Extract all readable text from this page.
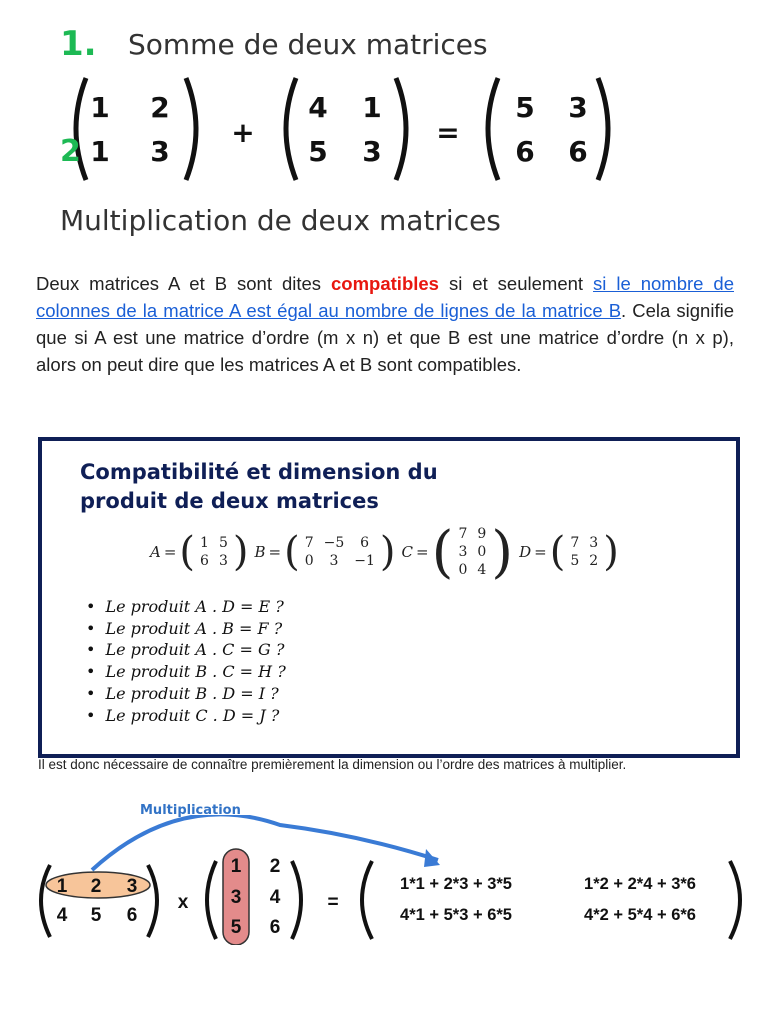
1. Somme de deux matrices
1 2
1 3
+
4 1
5 3
=
5 3
6 6
2
Multiplication de deux matrices
Deux matrices A et B sont dites compatibles si et seulement si le nombre de colonnes de la matrice A est égal au nombre de lignes de la matrice B. Cela signifie que si A est une matrice d’ordre (m x n) et que B est une matrice d’ordre (n x p), alors on peut dire que les matrices A et B sont compatibles.
Compatibilité et dimension du
produit de deux matrices
A = ( 1	5
6	3 ) B = ( 7	−5	6
0	3	−1 ) C = ( 7	9
3	0
0	4 ) D = ( 7	3
5	2 )
• Le produit A . D = E ?
• Le produit A . B = F ?
• Le produit A . C = G ?
• Le produit B . C = H ?
• Le produit B . D = I ?
• Le produit C . D = J ?
Il est donc nécessaire de connaître premièrement la dimension ou l’ordre des matrices à multiplier.
Multiplication
1 2 3
4 5 6
x
1 2
3 4
5 6
=
1*1 + 2*3 + 3*5	1*2 + 2*4 + 3*6
4*1 + 5*3 + 6*5	4*2 + 5*4 + 6*6
